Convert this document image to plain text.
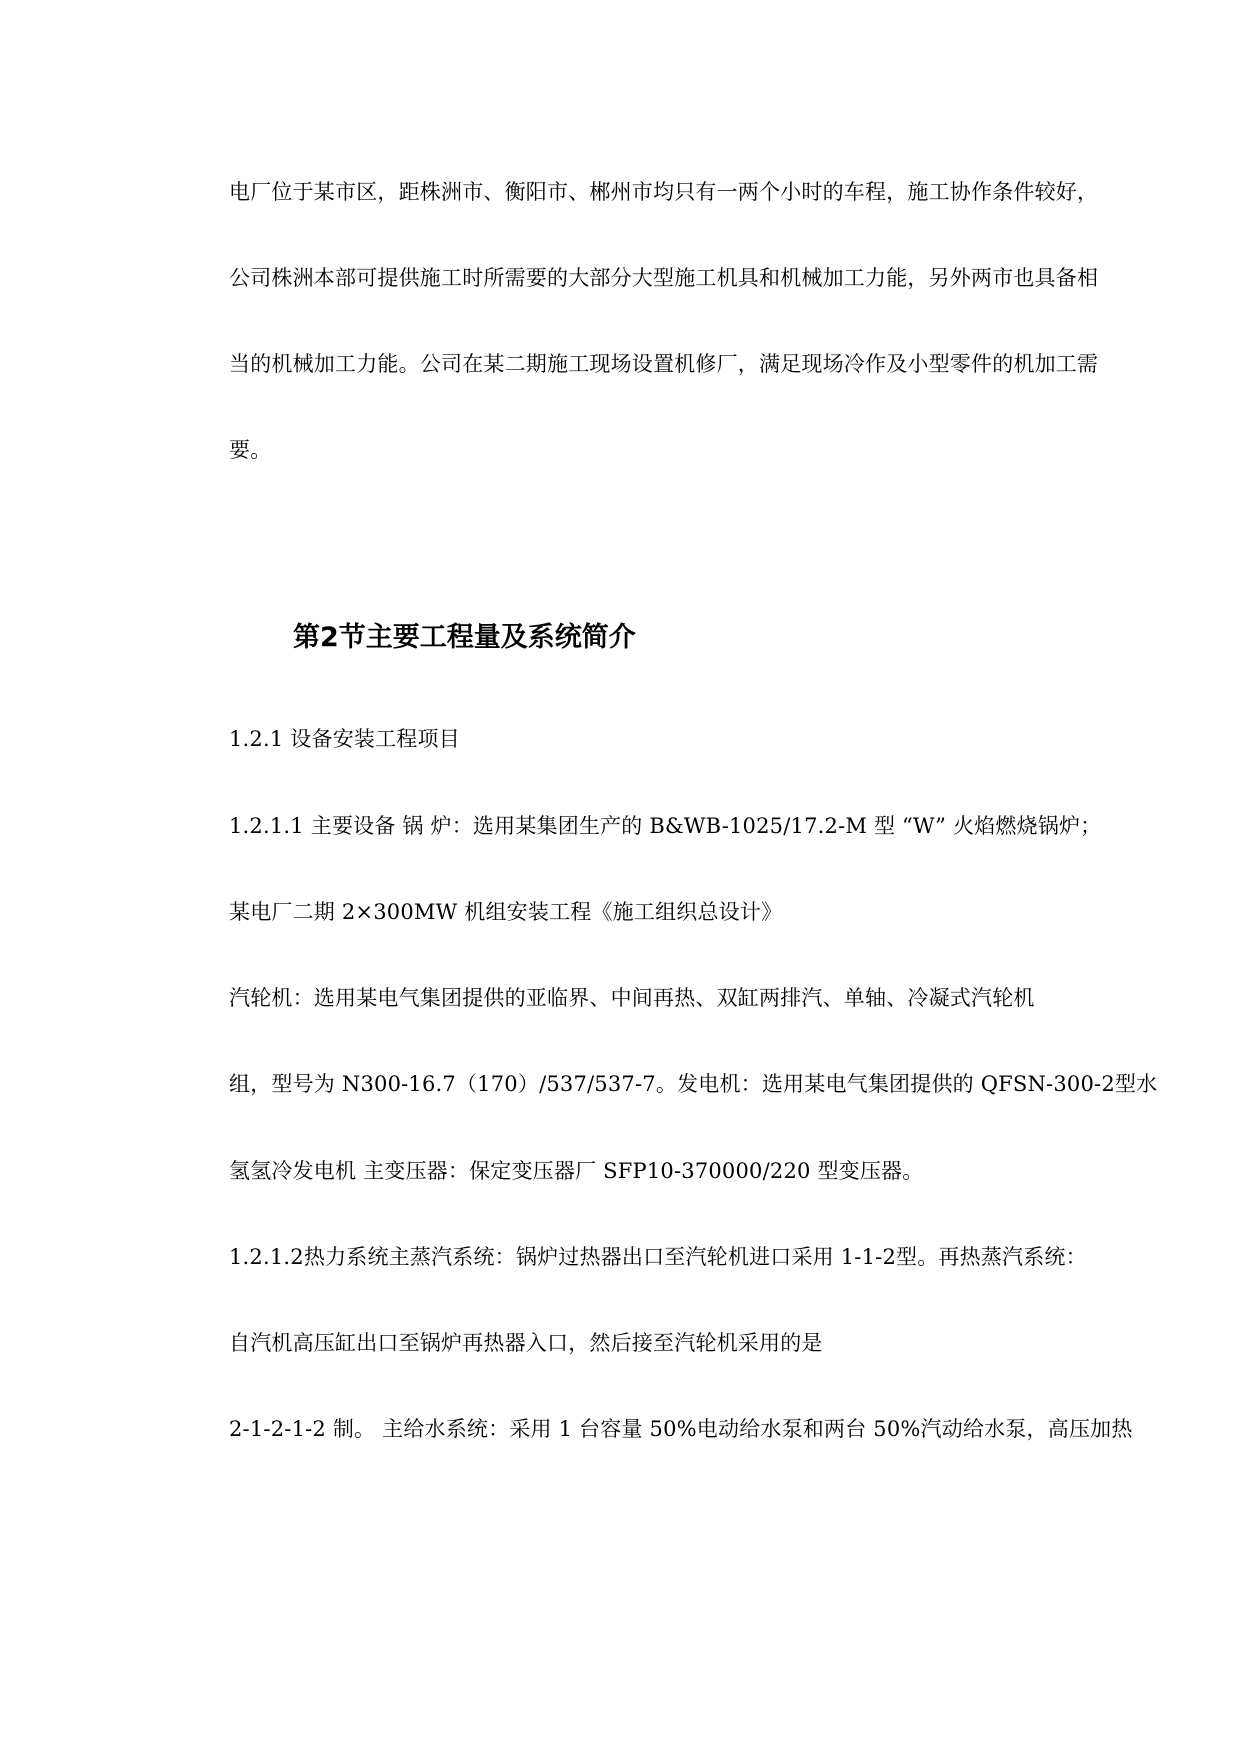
电厂位于某市区，距株洲市、衡阳市、郴州市均只有一两个小时的车程，施工协作条件较好，
公司株洲本部可提供施工时所需要的大部分大型施工机具和机械加工力能，另外两市也具备相
当的机械加工力能。公司在某二期施工现场设置机修厂，满足现场冷作及小型零件的机加工需
要。
第2节主要工程量及系统简介
1.2.1 设备安装工程项目
1.2.1.1 主要设备 锅 炉：选用某集团生产的 B&WB-1025/17.2-M 型 “W” 火焰燃烧锅炉；
某电厂二期 2×300MW 机组安装工程《施工组织总设计》
汽轮机：选用某电气集团提供的亚临界、中间再热、双缸两排汽、单轴、冷凝式汽轮机
组，型号为 N300-16.7（170）/537/537-7。发电机：选用某电气集团提供的 QFSN-300-2型水
氢氢冷发电机 主变压器：保定变压器厂 SFP10-370000/220 型变压器。
1.2.1.2热力系统主蒸汽系统：锅炉过热器出口至汽轮机进口采用 1-1-2型。再热蒸汽系统：
自汽机高压缸出口至锅炉再热器入口，然后接至汽轮机采用的是
2-1-2-1-2 制。 主给水系统：采用 1 台容量 50%电动给水泵和两台 50%汽动给水泵，高压加热
